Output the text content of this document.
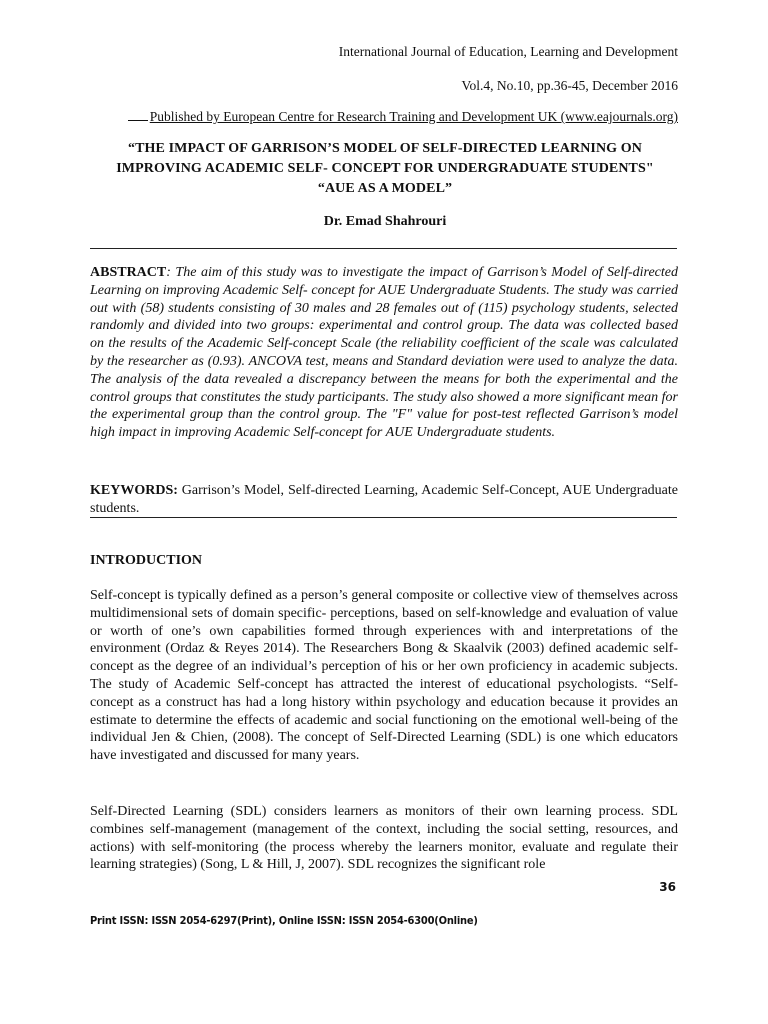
International Journal of Education, Learning and Development
Vol.4, No.10, pp.36-45, December 2016
Published by European Centre for Research Training and Development UK (www.eajournals.org)
“THE IMPACT OF GARRISON’S MODEL OF SELF-DIRECTED LEARNING ON
IMPROVING ACADEMIC SELF- CONCEPT FOR UNDERGRADUATE STUDENTS"
“AUE AS A MODEL”
Dr. Emad Shahrouri
ABSTRACT: The aim of this study was to investigate the impact of Garrison’s Model of Self-directed Learning on improving Academic Self- concept for AUE Undergraduate Students. The study was carried out with (58) students consisting of 30 males and 28 females out of (115) psychology students, selected randomly and divided into two groups: experimental and control group. The data was collected based on the results of the Academic Self-concept Scale (the reliability coefficient of the scale was calculated by the researcher as (0.93). ANCOVA test, means and Standard deviation were used to analyze the data. The analysis of the data revealed a discrepancy between the means for both the experimental and the control groups that constitutes the study participants. The study also showed a more significant mean for the experimental group than the control group. The "F" value for post-test reflected Garrison’s model high impact in improving Academic Self-concept for AUE Undergraduate students.
KEYWORDS: Garrison’s Model, Self-directed Learning, Academic Self-Concept, AUE Undergraduate students.
INTRODUCTION
Self-concept is typically defined as a person’s general composite or collective view of themselves across multidimensional sets of domain specific- perceptions, based on self-knowledge and evaluation of value or worth of one’s own capabilities formed through experiences with and interpretations of the environment (Ordaz & Reyes 2014). The Researchers Bong & Skaalvik (2003) defined academic self-concept as the degree of an individual’s perception of his or her own proficiency in academic subjects. The study of Academic Self-concept has attracted the interest of educational psychologists. “Self-concept as a construct has had a long history within psychology and education because it provides an estimate to determine the effects of academic and social functioning on the emotional well-being of the individual Jen & Chien, (2008). The concept of Self-Directed Learning (SDL) is one which educators have investigated and discussed for many years.
Self-Directed Learning (SDL) considers learners as monitors of their own learning process. SDL combines self-management (management of the context, including the social setting, resources, and actions) with self-monitoring (the process whereby the learners monitor, evaluate and regulate their learning strategies) (Song, L & Hill, J, 2007). SDL recognizes the significant role
36
Print ISSN: ISSN 2054-6297(Print), Online ISSN: ISSN 2054-6300(Online)
